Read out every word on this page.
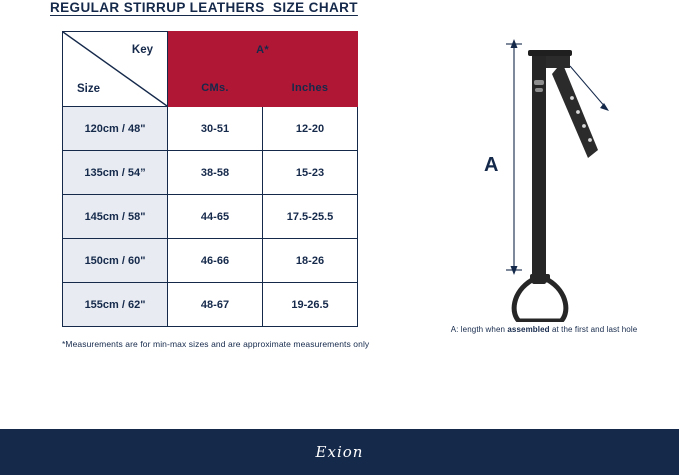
REGULAR STIRRUP LEATHERS  SIZE CHART
Key
Size	A*	
	CMs.	Inches
120cm / 48"	30-51	12-20
135cm / 54”	38-58	15-23
145cm / 58"	44-65	17.5-25.5
150cm / 60"	46-66	18-26
155cm / 62"	48-67	19-26.5
*Measurements are for min-max sizes and are approximate measurements only
A
A: length when assembled at the first and last hole
Exion
